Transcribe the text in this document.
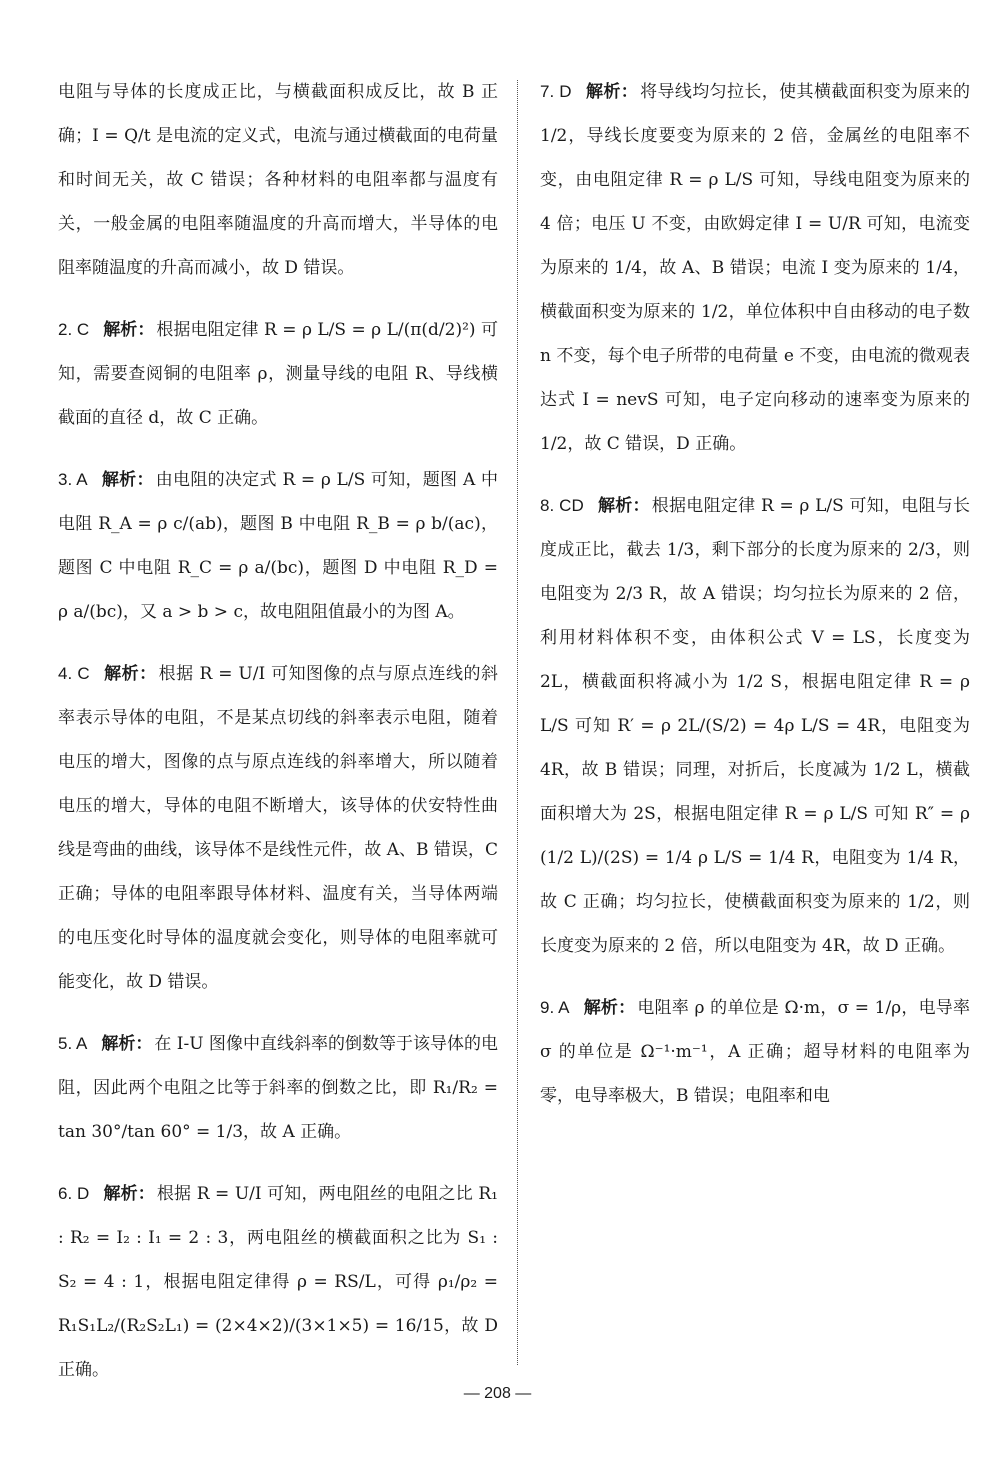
电阻与导体的长度成正比，与横截面积成反比，故 B 正确；I = Q/t 是电流的定义式，电流与通过横截面的电荷量和时间无关，故 C 错误；各种材料的电阻率都与温度有关，一般金属的电阻率随温度的升高而增大，半导体的电阻率随温度的升高而减小，故 D 错误。

2. C 解析： 根据电阻定律 R = ρ L/S = ρ L/(π(d/2)²) 可知，需要查阅铜的电阻率 ρ，测量导线的电阻 R、导线横截面的直径 d，故 C 正确。

3. A 解析： 由电阻的决定式 R = ρ L/S 可知，题图 A 中电阻 R_A = ρ c/(ab)，题图 B 中电阻 R_B = ρ b/(ac)，题图 C 中电阻 R_C = ρ a/(bc)，题图 D 中电阻 R_D = ρ a/(bc)，又 a > b > c，故电阻阻值最小的为图 A。

4. C 解析： 根据 R = U/I 可知图像的点与原点连线的斜率表示导体的电阻，不是某点切线的斜率表示电阻，随着电压的增大，图像的点与原点连线的斜率增大，所以随着电压的增大，导体的电阻不断增大，该导体的伏安特性曲线是弯曲的曲线，该导体不是线性元件，故 A、B 错误，C 正确；导体的电阻率跟导体材料、温度有关，当导体两端的电压变化时导体的温度就会变化，则导体的电阻率就可能变化，故 D 错误。

5. A 解析： 在 I-U 图像中直线斜率的倒数等于该导体的电阻，因此两个电阻之比等于斜率的倒数之比，即 R₁/R₂ = tan 30°/tan 60° = 1/3，故 A 正确。

6. D 解析： 根据 R = U/I 可知，两电阻丝的电阻之比 R₁ : R₂ = I₂ : I₁ = 2 : 3，两电阻丝的横截面积之比为 S₁ : S₂ = 4 : 1，根据电阻定律得 ρ = RS/L，可得 ρ₁/ρ₂ = R₁S₁L₂/(R₂S₂L₁) = (2×4×2)/(3×1×5) = 16/15，故 D 正确。

7. D 解析： 将导线均匀拉长，使其横截面积变为原来的 1/2，导线长度要变为原来的 2 倍，金属丝的电阻率不变，由电阻定律 R = ρ L/S 可知，导线电阻变为原来的 4 倍；电压 U 不变，由欧姆定律 I = U/R 可知，电流变为原来的 1/4，故 A、B 错误；电流 I 变为原来的 1/4，横截面积变为原来的 1/2，单位体积中自由移动的电子数 n 不变，每个电子所带的电荷量 e 不变，由电流的微观表达式 I = nevS 可知，电子定向移动的速率变为原来的 1/2，故 C 错误，D 正确。

8. CD 解析： 根据电阻定律 R = ρ L/S 可知，电阻与长度成正比，截去 1/3，剩下部分的长度为原来的 2/3，则电阻变为 2/3 R，故 A 错误；均匀拉长为原来的 2 倍，利用材料体积不变，由体积公式 V = LS，长度变为 2L，横截面积将减小为 1/2 S，根据电阻定律 R = ρ L/S 可知 R′ = ρ 2L/(S/2) = 4ρ L/S = 4R，电阻变为 4R，故 B 错误；同理，对折后，长度减为 1/2 L，横截面积增大为 2S，根据电阻定律 R = ρ L/S 可知 R″ = ρ (1/2 L)/(2S) = 1/4 ρ L/S = 1/4 R，电阻变为 1/4 R，故 C 正确；均匀拉长，使横截面积变为原来的 1/2，则长度变为原来的 2 倍，所以电阻变为 4R，故 D 正确。

9. A 解析： 电阻率 ρ 的单位是 Ω·m，σ = 1/ρ，电导率 σ 的单位是 Ω⁻¹·m⁻¹，A 正确；超导材料的电阻率为零，电导率极大，B 错误；电阻率和电

— 208 —
